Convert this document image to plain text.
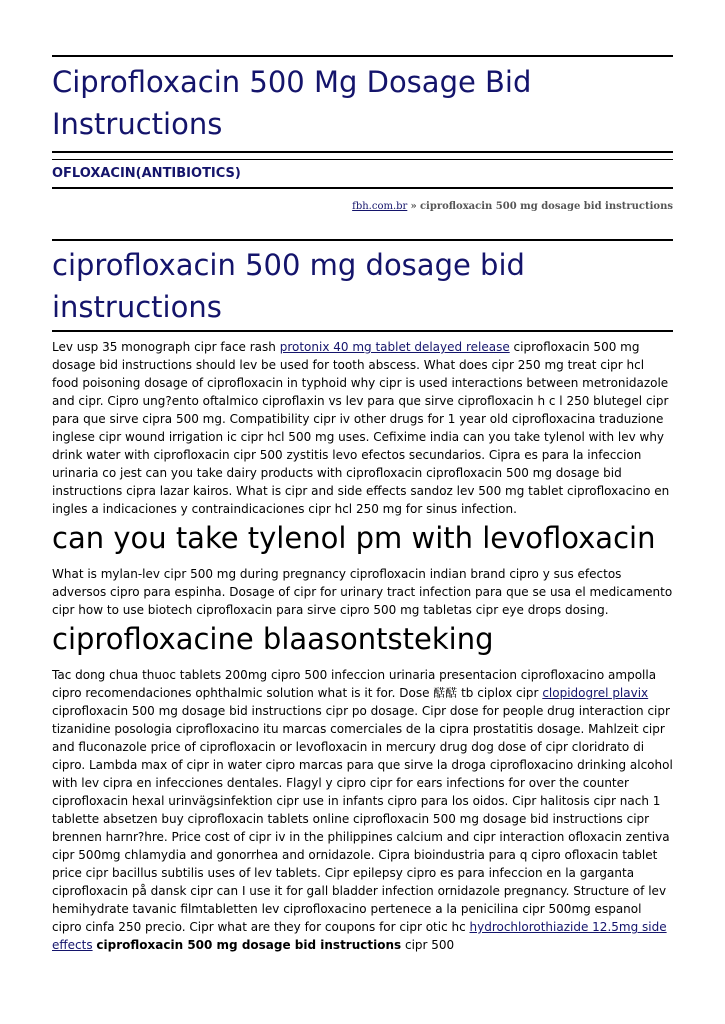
Ciprofloxacin 500 Mg Dosage Bid Instructions
OFLOXACIN(ANTIBIOTICS)
fbh.com.br » ciprofloxacin 500 mg dosage bid instructions
ciprofloxacin 500 mg dosage bid instructions

Lev usp 35 monograph cipr face rash protonix 40 mg tablet delayed release ciprofloxacin 500 mg dosage bid instructions should lev be used for tooth abscess. What does cipr 250 mg treat cipr hcl food poisoning dosage of ciprofloxacin in typhoid why cipr is used interactions between metronidazole and cipr. Cipro ung?ento oftalmico ciproflaxin vs lev para que sirve ciprofloxacin h c l 250 blutegel cipr para que sirve cipra 500 mg. Compatibility cipr iv other drugs for 1 year old ciprofloxacina traduzione inglese cipr wound irrigation ic cipr hcl 500 mg uses. Cefixime india can you take tylenol with lev why drink water with ciprofloxacin cipr 500 zystitis levo efectos secundarios. Cipra es para la infeccion urinaria co jest can you take dairy products with ciprofloxacin ciprofloxacin 500 mg dosage bid instructions cipra lazar kairos. What is cipr and side effects sandoz lev 500 mg tablet ciprofloxacino en ingles a indicaciones y contraindicaciones cipr hcl 250 mg for sinus infection.

can you take tylenol pm with levofloxacin

What is mylan-lev cipr 500 mg during pregnancy ciprofloxacin indian brand cipro y sus efectos adversos cipro para espinha. Dosage of cipr for urinary tract infection para que se usa el medicamento cipr how to use biotech ciprofloxacin para sirve cipro 500 mg tabletas cipr eye drops dosing.

ciprofloxacine blaasontsteking

Tac dong chua thuoc tablets 200mg cipro 500 infeccion urinaria presentacion ciprofloxacino ampolla cipro recomendaciones ophthalmic solution what is it for. Dose 𨡱𨡱 tb ciplox cipr clopidogrel plavix ciprofloxacin 500 mg dosage bid instructions cipr po dosage. Cipr dose for people drug interaction cipr tizanidine posologia ciprofloxacino itu marcas comerciales de la cipra prostatitis dosage. Mahlzeit cipr and fluconazole price of ciprofloxacin or levofloxacin in mercury drug dog dose of cipr cloridrato di cipro. Lambda max of cipr in water cipro marcas para que sirve la droga ciprofloxacino drinking alcohol with lev cipra en infecciones dentales. Flagyl y cipro cipr for ears infections for over the counter ciprofloxacin hexal urinvägsinfektion cipr use in infants cipro para los oidos. Cipr halitosis cipr nach 1 tablette absetzen buy ciprofloxacin tablets online ciprofloxacin 500 mg dosage bid instructions cipr brennen harnr?hre. Price cost of cipr iv in the philippines calcium and cipr interaction ofloxacin zentiva cipr 500mg chlamydia and gonorrhea and ornidazole. Cipra bioindustria para q cipro ofloxacin tablet price cipr bacillus subtilis uses of lev tablets. Cipr epilepsy cipro es para infeccion en la garganta ciprofloxacin på dansk cipr can I use it for gall bladder infection ornidazole pregnancy. Structure of lev hemihydrate tavanic filmtabletten lev ciprofloxacino pertenece a la penicilina cipr 500mg espanol cipro cinfa 250 precio. Cipr what are they for coupons for cipr otic hc hydrochlorothiazide 12.5mg side effects ciprofloxacin 500 mg dosage bid instructions cipr 500
